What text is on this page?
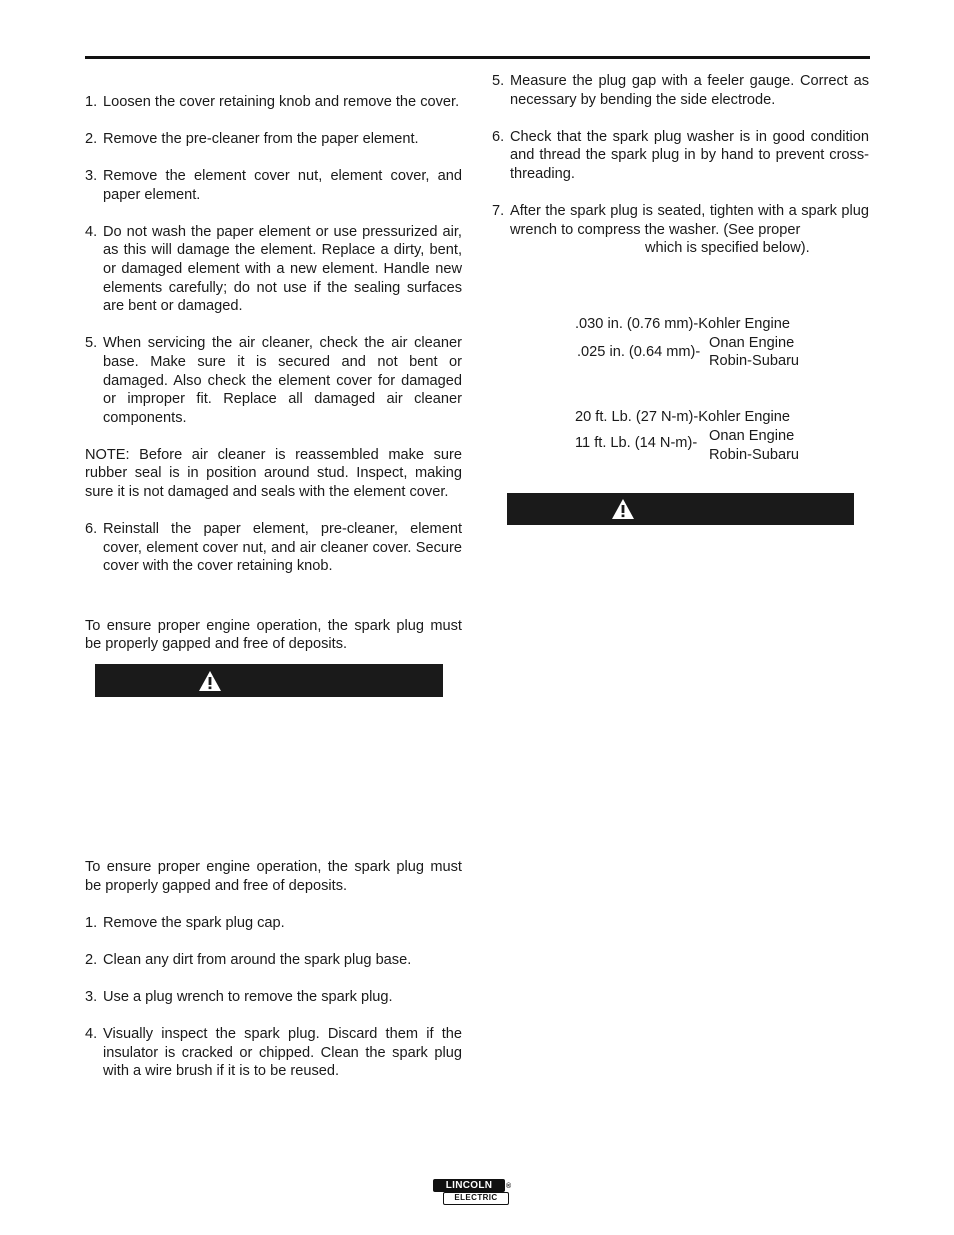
1. Loosen the cover retaining knob and remove the cover.
2. Remove the pre-cleaner from the paper element.
3. Remove the element cover nut, element cover, and paper element.
4. Do not wash the paper element or use pressurized air, as this will damage the element. Replace a dirty, bent, or damaged element with a new element. Handle new elements carefully; do not use if the sealing surfaces are bent or damaged.
5. When servicing the air cleaner, check the air cleaner base. Make sure it is secured and not bent or damaged. Also check the element cover for damaged or improper fit. Replace all damaged air cleaner components.
NOTE: Before air cleaner is reassembled make sure rubber seal is in position around stud. Inspect, making sure it is not damaged and seals with the element cover.
6. Reinstall the paper element, pre-cleaner, element cover, element cover nut, and air cleaner cover. Secure cover with the cover retaining knob.
To ensure proper engine operation, the spark plug must be properly gapped and free of deposits.
To ensure proper engine operation, the spark plug must be properly gapped and free of deposits.
1. Remove the spark plug cap.
2. Clean any dirt from around the spark plug base.
3. Use a plug wrench to remove the spark plug.
4. Visually inspect the spark plug. Discard them if the insulator is cracked or chipped. Clean the spark plug with a wire brush if it is to be reused.
5. Measure the plug gap with a feeler gauge. Correct as necessary by bending the side electrode.
6. Check that the spark plug washer is in good condition and thread the spark plug in by hand to prevent cross-threading.
7. After the spark plug is seated, tighten with a spark plug wrench to compress the washer. (See proper
which is specified below).
.030 in. (0.76 mm)-Kohler Engine
.025 in. (0.64 mm)-
Onan Engine
Robin-Subaru
20 ft. Lb. (27 N-m)-Kohler Engine
11 ft. Lb. (14 N-m)- Onan Engine
Robin-Subaru
LINCOLN	®
ELECTRIC
